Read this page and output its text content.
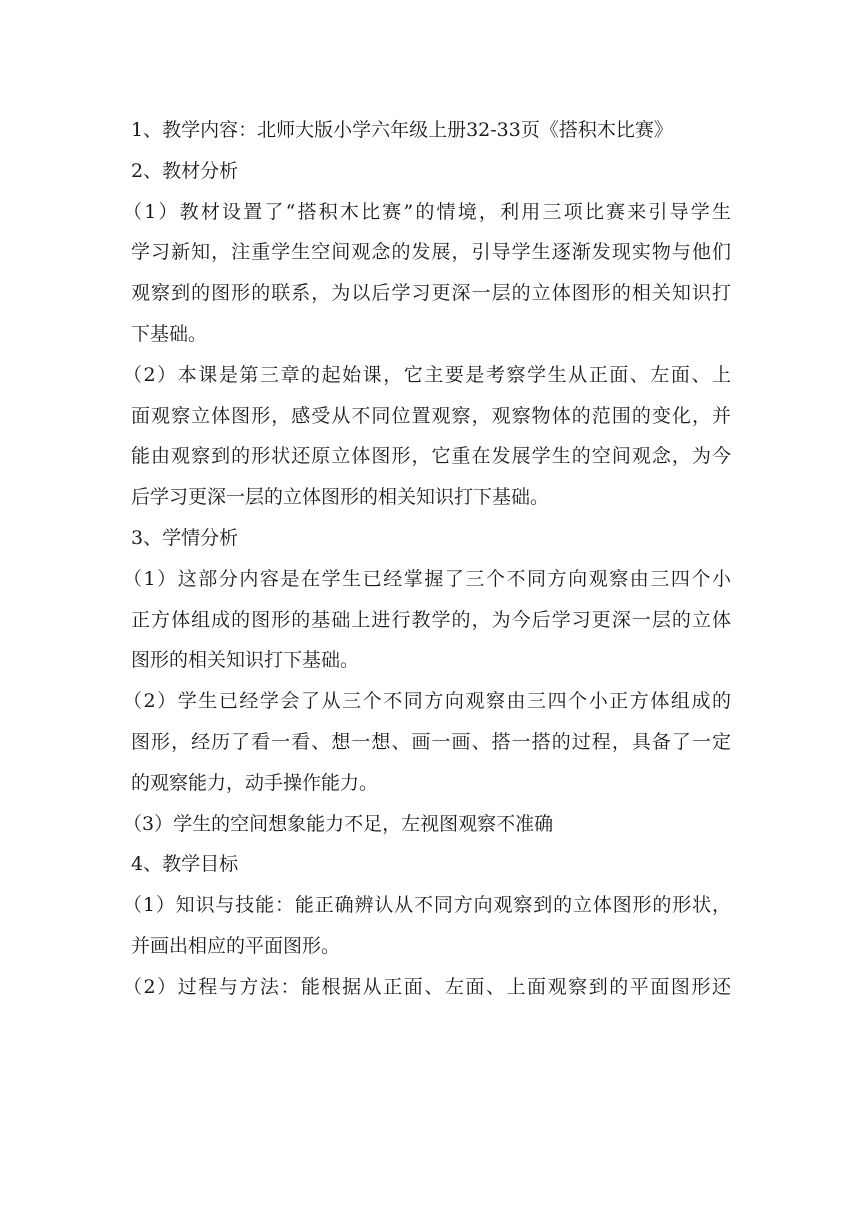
1、教学内容：北师大版小学六年级上册32-33页《搭积木比赛》
2、教材分析
（1）教材设置了“搭积木比赛”的情境，利用三项比赛来引导学生
学习新知，注重学生空间观念的发展，引导学生逐渐发现实物与他们
观察到的图形的联系，为以后学习更深一层的立体图形的相关知识打
下基础。
（2）本课是第三章的起始课，它主要是考察学生从正面、左面、上
面观察立体图形，感受从不同位置观察，观察物体的范围的变化，并
能由观察到的形状还原立体图形，它重在发展学生的空间观念，为今
后学习更深一层的立体图形的相关知识打下基础。
3、学情分析
（1）这部分内容是在学生已经掌握了三个不同方向观察由三四个小
正方体组成的图形的基础上进行教学的，为今后学习更深一层的立体
图形的相关知识打下基础。
（2）学生已经学会了从三个不同方向观察由三四个小正方体组成的
图形，经历了看一看、想一想、画一画、搭一搭的过程，具备了一定
的观察能力，动手操作能力。
（3）学生的空间想象能力不足，左视图观察不准确
4、教学目标
（1）知识与技能：能正确辨认从不同方向观察到的立体图形的形状，
并画出相应的平面图形。
（2）过程与方法：能根据从正面、左面、上面观察到的平面图形还
